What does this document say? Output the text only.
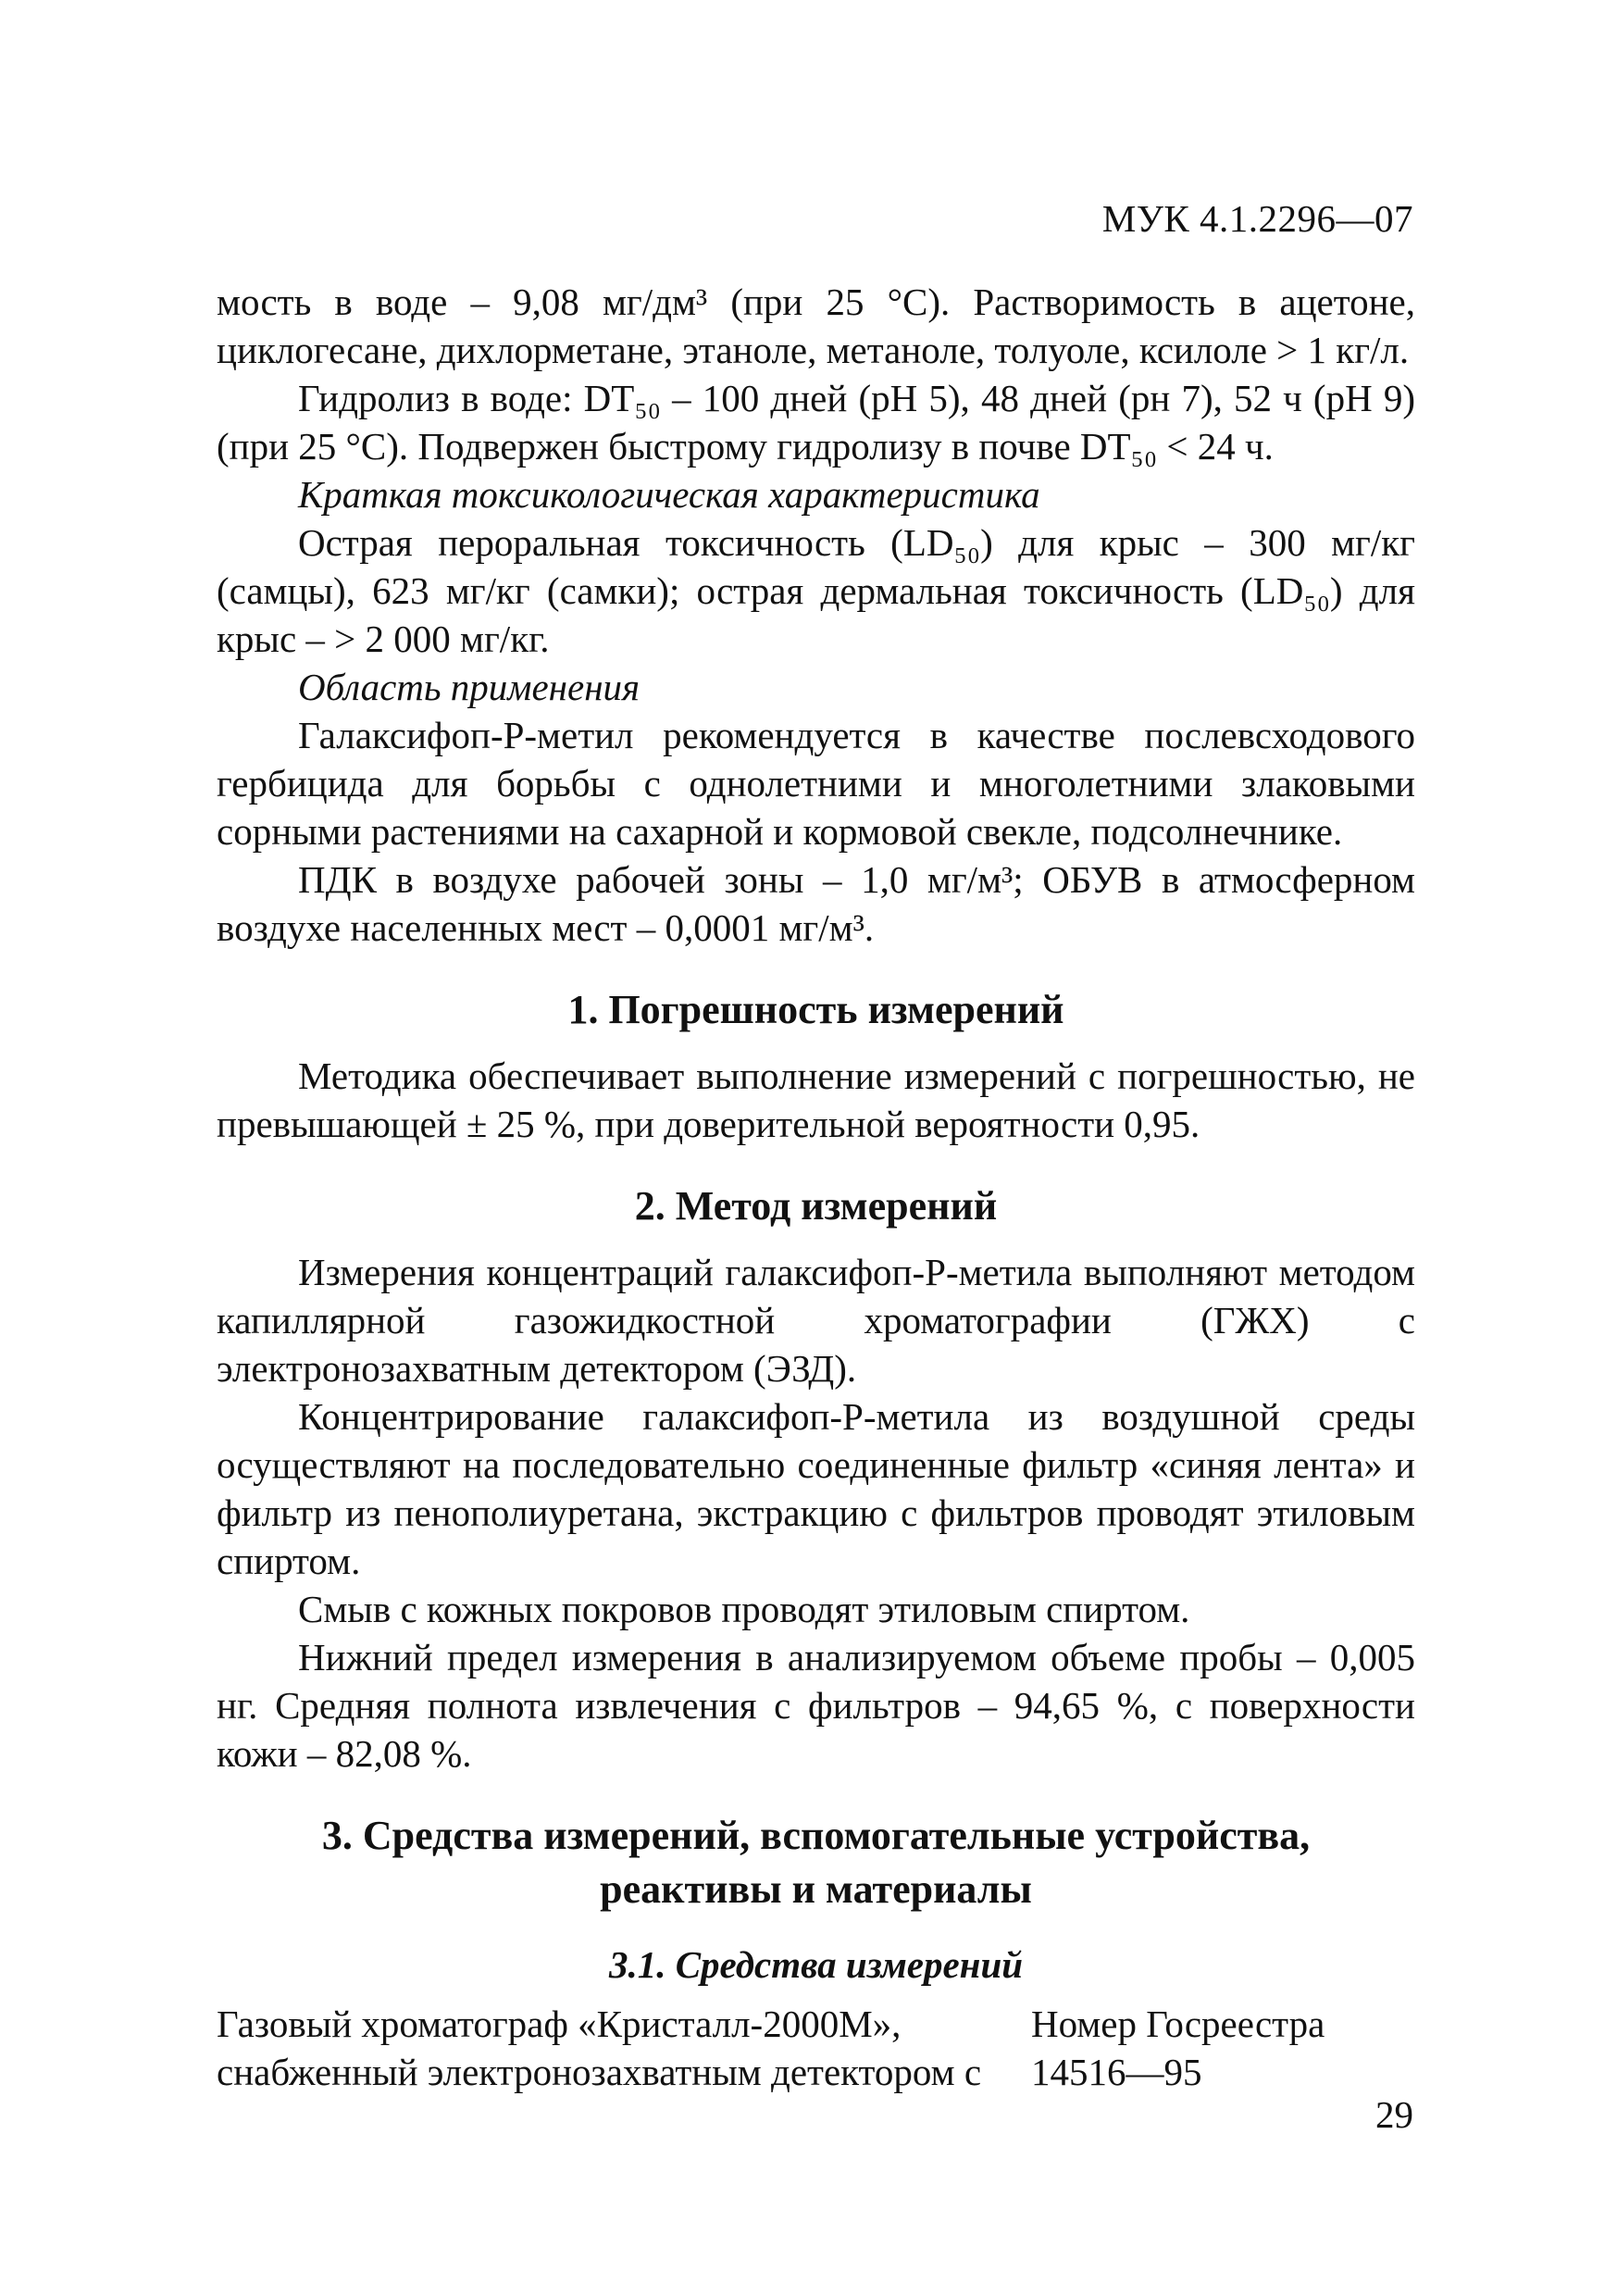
МУК 4.1.2296—07

мость в воде – 9,08 мг/дм³ (при 25 °С). Растворимость в ацетоне, циклогесане, дихлорметане, этаноле, метаноле, толуоле, ксилоле > 1 кг/л.

Гидролиз в воде: DT₅₀ – 100 дней (рН 5), 48 дней (рн 7), 52 ч (рН 9) (при 25 °С). Подвержен быстрому гидролизу в почве DT₅₀ < 24 ч.

Краткая токсикологическая характеристика

Острая пероральная токсичность (LD₅₀) для крыс – 300 мг/кг (самцы), 623 мг/кг (самки); острая дермальная токсичность (LD₅₀) для крыс – > 2 000 мг/кг.

Область применения

Галаксифоп-Р-метил рекомендуется в качестве послевсходового гербицида для борьбы с однолетними и многолетними злаковыми сорными растениями на сахарной и кормовой свекле, подсолнечнике.

ПДК в воздухе рабочей зоны – 1,0 мг/м³; ОБУВ в атмосферном воздухе населенных мест – 0,0001 мг/м³.

1. Погрешность измерений

Методика обеспечивает выполнение измерений с погрешностью, не превышающей ± 25 %, при доверительной вероятности 0,95.

2. Метод измерений

Измерения концентраций галаксифоп-Р-метила выполняют методом капиллярной газожидкостной хроматографии (ГЖХ) с электронозахватным детектором (ЭЗД).

Концентрирование галаксифоп-Р-метила из воздушной среды осуществляют на последовательно соединенные фильтр «синяя лента» и фильтр из пенополиуретана, экстракцию с фильтров проводят этиловым спиртом.

Смыв с кожных покровов проводят этиловым спиртом.

Нижний предел измерения в анализируемом объеме пробы – 0,005 нг. Средняя полнота извлечения с фильтров – 94,65 %, с поверхности кожи – 82,08 %.

3. Средства измерений, вспомогательные устройства,
реактивы и материалы
3.1. Средства измерений
Газовый хроматограф «Кристалл-2000М»,	Номер Госреестра
снабженный электронозахватным детектором с	14516—95
29
